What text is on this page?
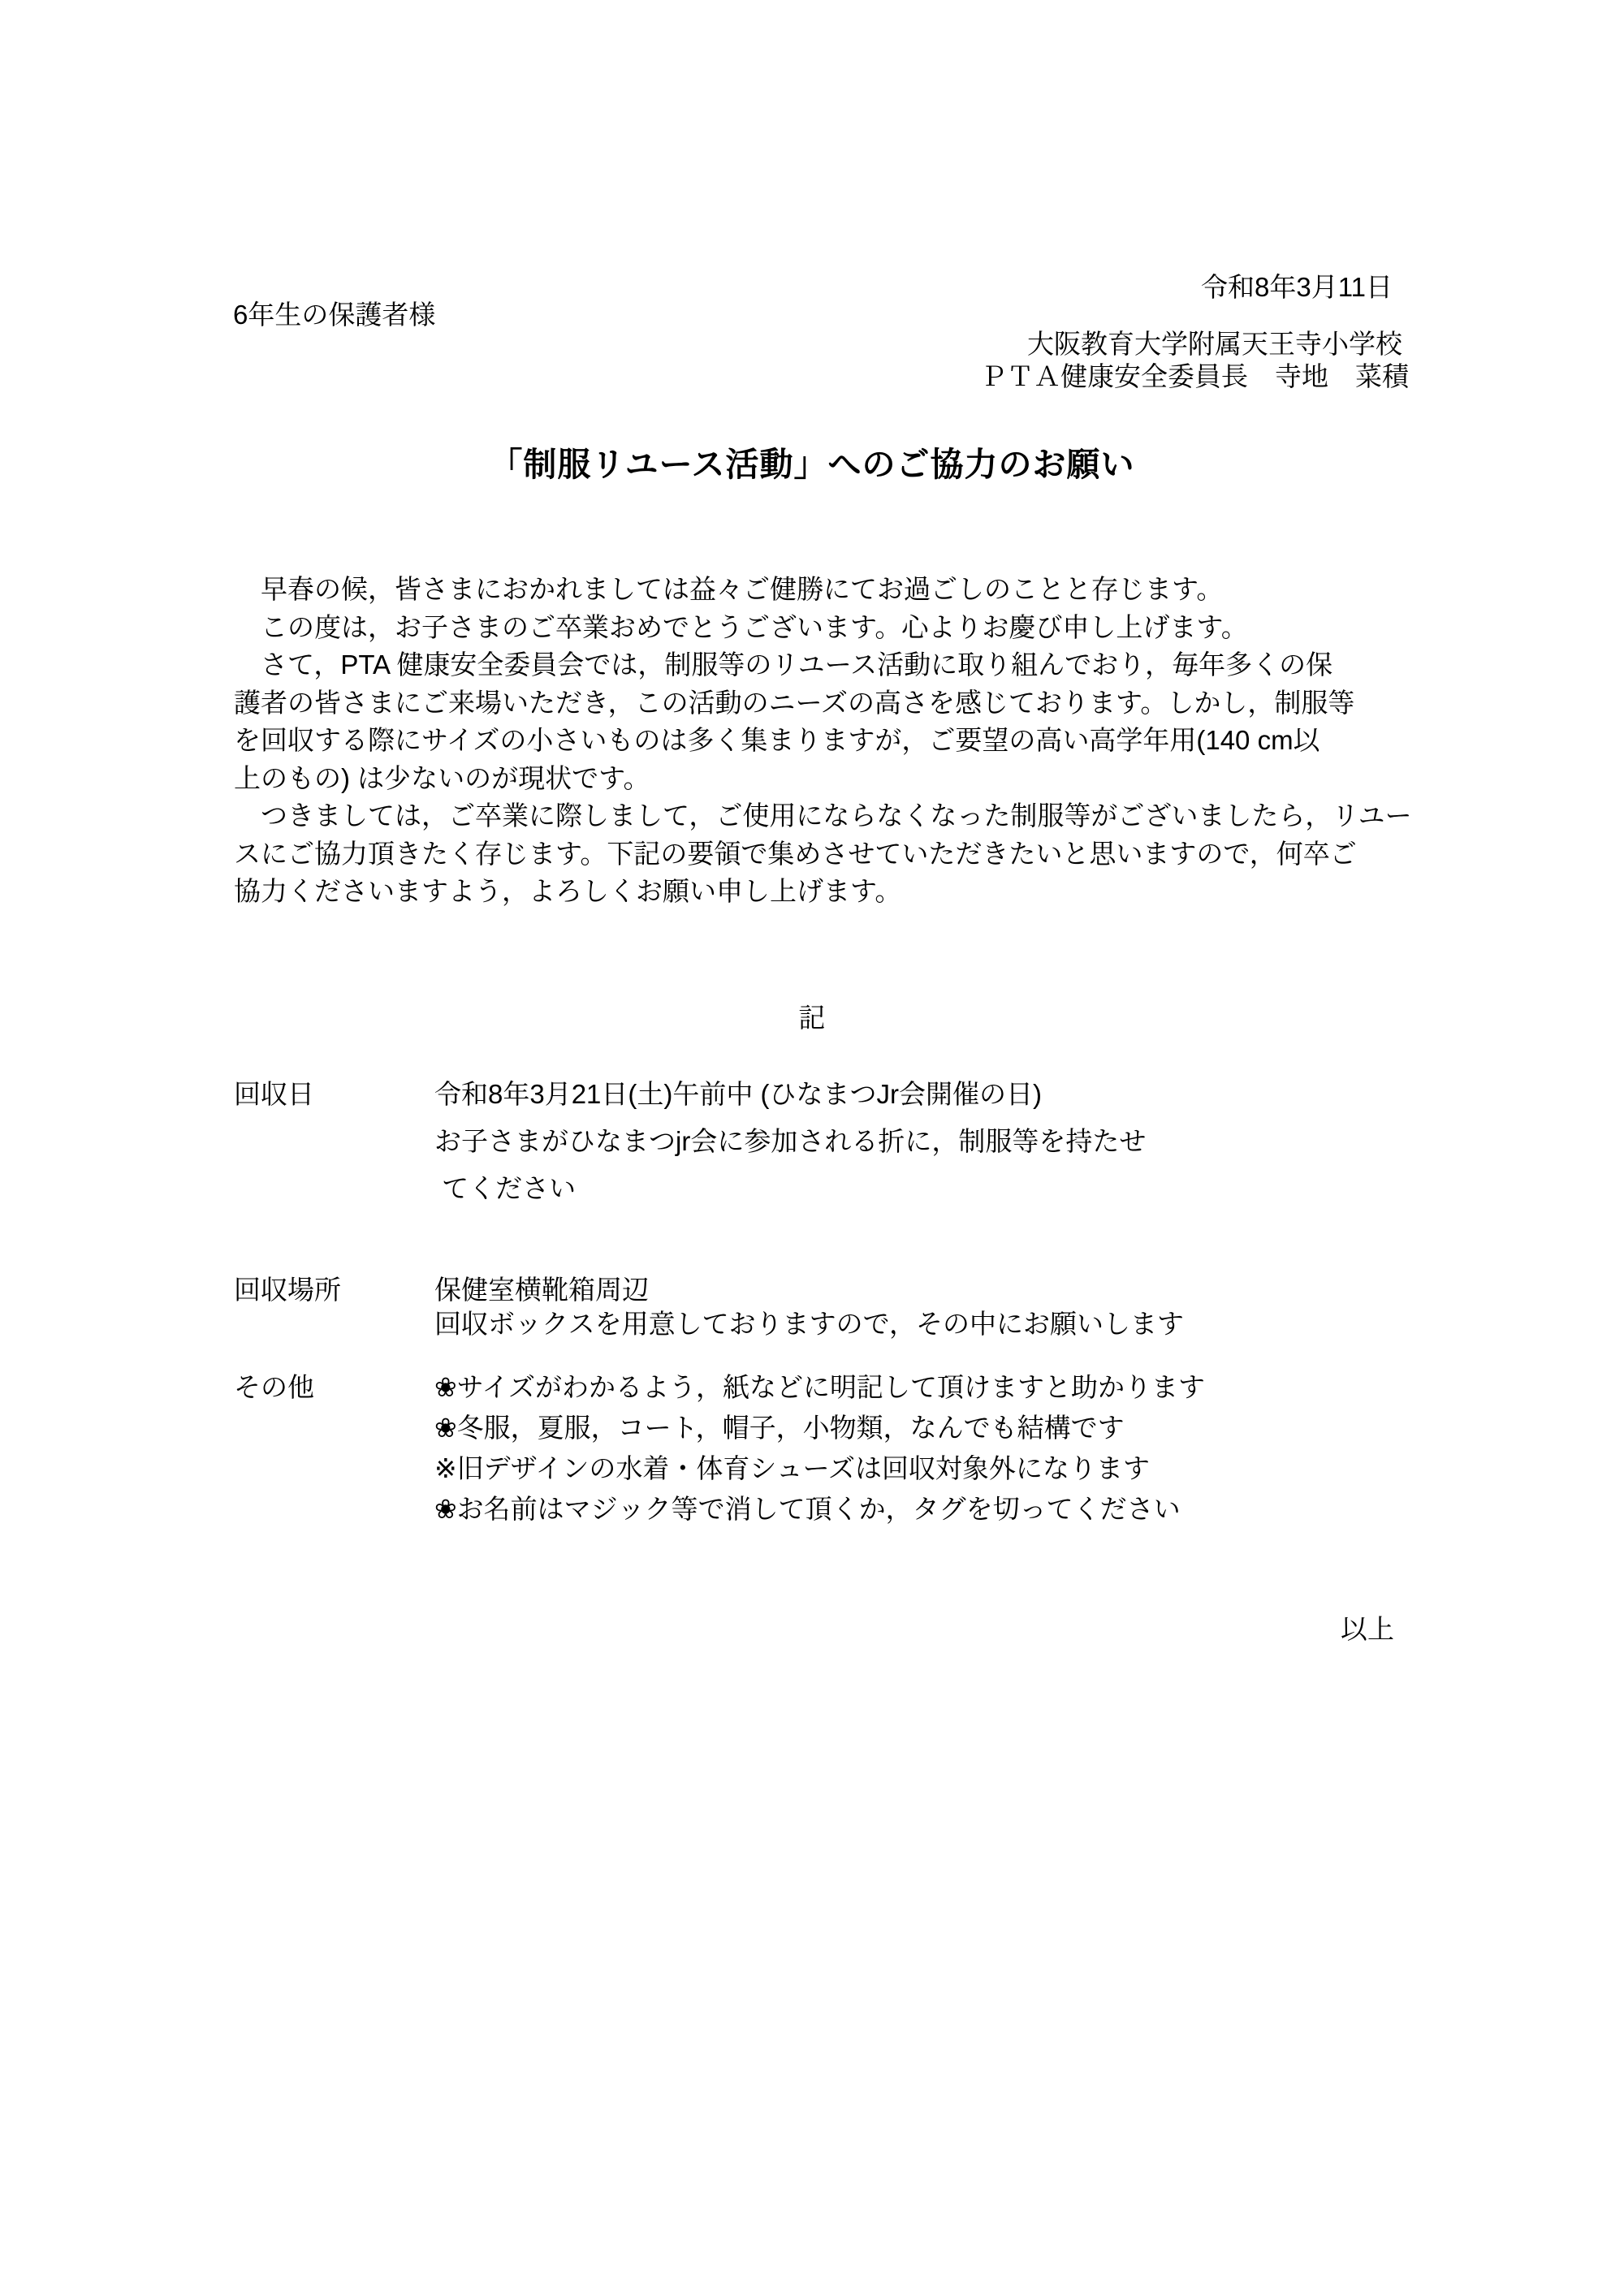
令和8年3月11日
6年生の保護者様
大阪教育大学附属天王寺小学校
ＰＴＡ健康安全委員長　寺地　菜積
「制服リユース活動」へのご協力のお願い
　早春の候，皆さまにおかれましては益々ご健勝にてお過ごしのことと存じます。
　この度は，お子さまのご卒業おめでとうございます。心よりお慶び申し上げます。
　さて，PTA 健康安全委員会では，制服等のリユース活動に取り組んでおり，毎年多くの保
護者の皆さまにご来場いただき，この活動のニーズの高さを感じております。しかし，制服等
を回収する際にサイズの小さいものは多く集まりますが，ご要望の高い高学年用(140 cm以
上のもの) は少ないのが現状です。
　つきましては，ご卒業に際しまして，ご使用にならなくなった制服等がございましたら，リユー
スにご協力頂きたく存じます。下記の要領で集めさせていただきたいと思いますので，何卒ご
協力くださいますよう，よろしくお願い申し上げます。
記
回収日	令和8年3月21日(土)午前中 (ひなまつJr会開催の日)
お子さまがひなまつjr会に参加される折に，制服等を持たせ
てください
回収場所	保健室横靴箱周辺
回収ボックスを用意しておりますので，その中にお願いします
その他	❀サイズがわかるよう，紙などに明記して頂けますと助かります
❀冬服，夏服，コート，帽子，小物類，なんでも結構です
※旧デザインの水着・体育シューズは回収対象外になります
❀お名前はマジック等で消して頂くか，タグを切ってください
以上
